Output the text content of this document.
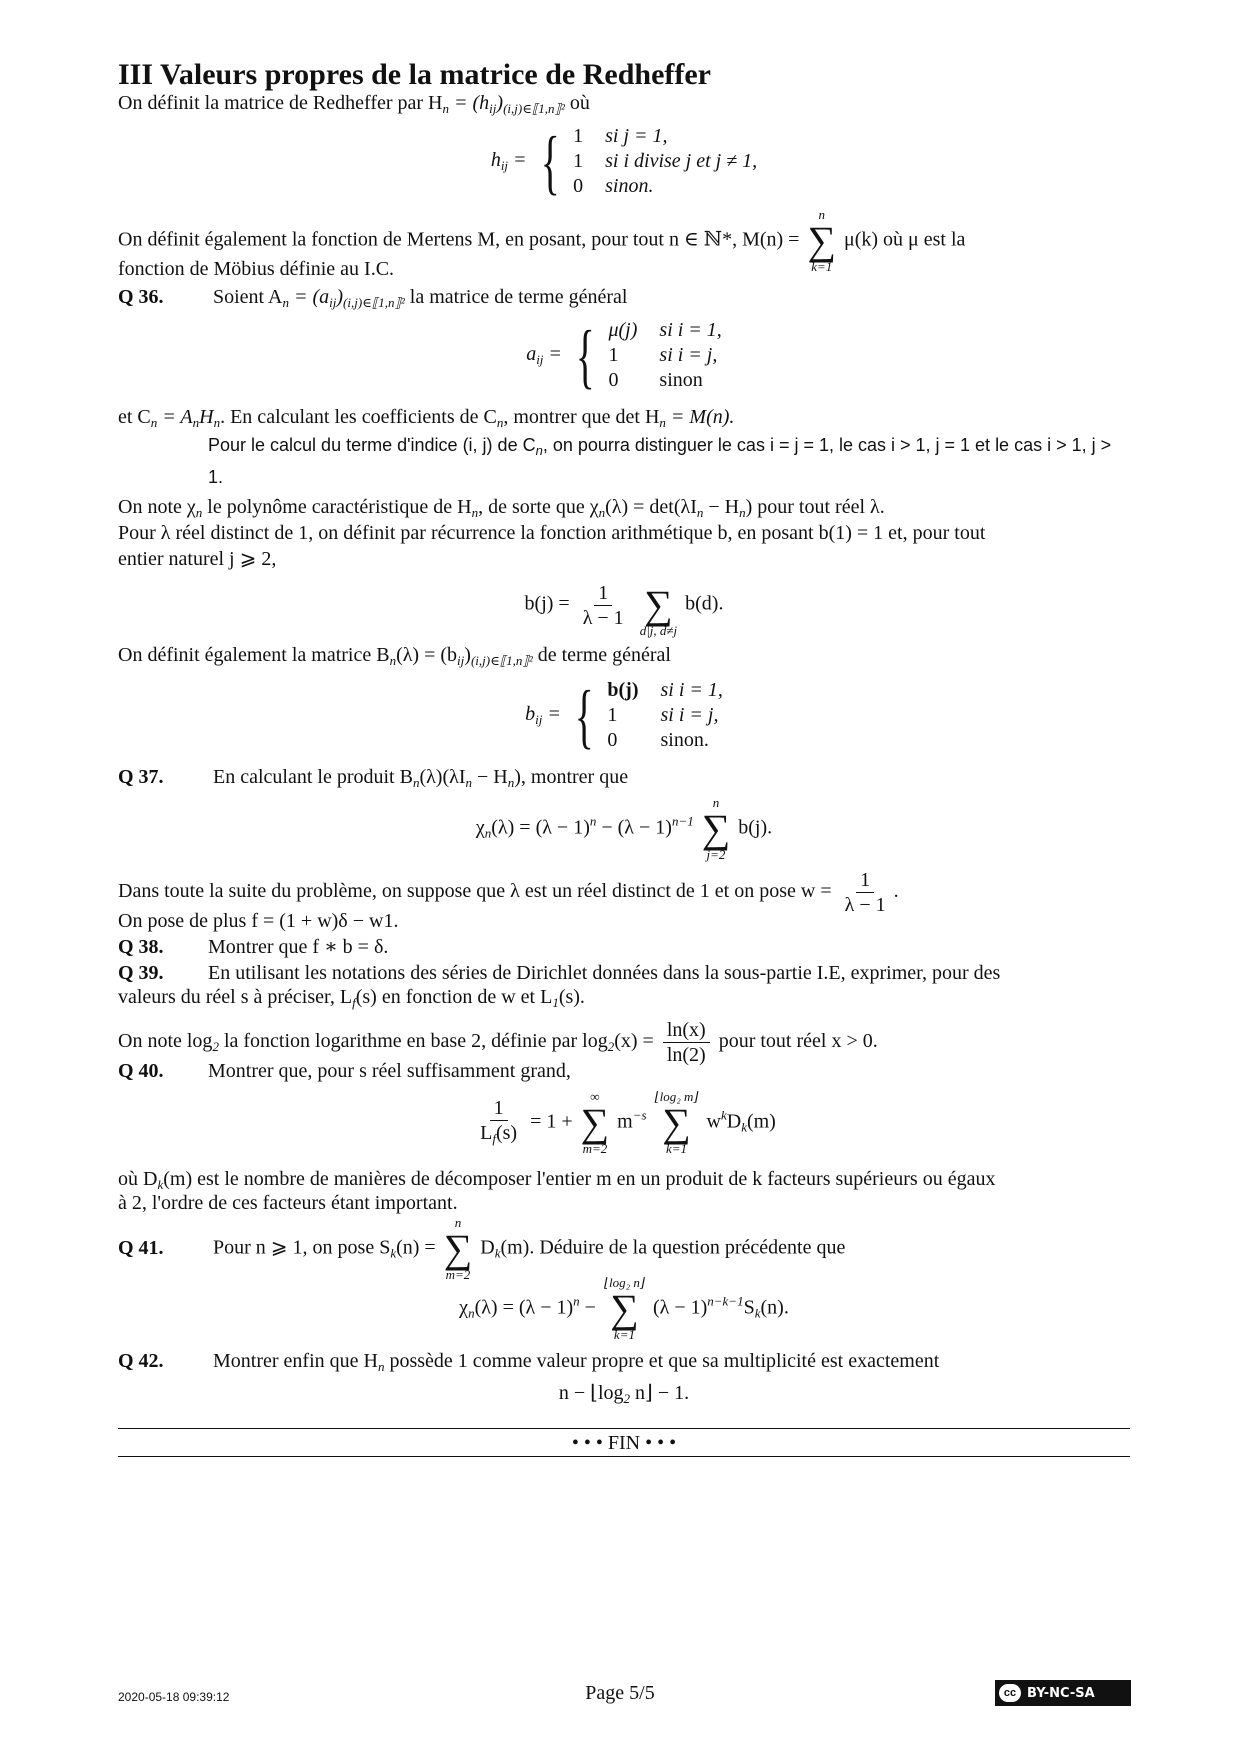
III Valeurs propres de la matrice de Redheffer
On définit la matrice de Redheffer par $H_n = (h_{ij})_{(i,j)\in⟦1,n⟧^2}$ où
$h_{ij}$ = { 1 si j = 1,
1 si i divise j et j ≠ 1,
0 sinon.
On définit également la fonction de Mertens M, en posant, pour tout n ∈ ℕ*, M(n) =
n
∑
k=1
μ(k) où μ est la
fonction de Möbius définie au I.C.
Q 36. Soient $A_n = (a_{ij})_{(i,j)\in⟦1,n⟧^2}$ la matrice de terme général
$a_{ij}$ = { μ(j) si i = 1,
1	si i = j,
0	sinon
et $C_n = A_nH_n$. En calculant les coefficients de $C_n$, montrer que $\det H_n = M(n)$.
Pour le calcul du terme d'indice (i, j) de $C_n$, on pourra distinguer le cas i = j = 1, le cas i > 1, j = 1 et le cas i > 1, j > 1.
On note $\chi_n$ le polynôme caractéristique de $H_n$, de sorte que $\chi_n(\lambda) = \det(\lambda I_n - H_n)$ pour tout réel λ.
Pour λ réel distinct de 1, on définit par récurrence la fonction arithmétique b, en posant b(1) = 1 et, pour tout
entier naturel j ⩾ 2,
$b(j) = \frac{1}{\lambda - 1}$

∑
d|j, d≠j
b(d).
On définit également la matrice $B_n(\lambda) = (b_{ij})_{(i,j)\in⟦1,n⟧^2}$ de terme général
$b_{ij}$ = { b(j) si i = 1,
1	si i = j,
0	sinon.
Q 37. En calculant le produit $B_n(\lambda)(\lambda I_n - H_n)$, montrer que
$\chi_n(\lambda) = (\lambda - 1)^n - (\lambda - 1)^{n-1}$
n
∑
j=2
b(j).
Dans toute la suite du problème, on suppose que λ est un réel distinct de 1 et on pose $w = \frac{1}{\lambda - 1}$ .
On pose de plus f = (1 + w)δ − w1.
Q 38. Montrer que f ∗ b = δ.
Q 39. En utilisant les notations des séries de Dirichlet données dans la sous-partie I.E, exprimer, pour des
valeurs du réel s à préciser, $L_f(s)$ en fonction de w et $L_1(s)$.
On note $\log_2$ la fonction logarithme en base 2, définie par $\log_2(x) = \frac{\ln(x)}{\ln(2)}$ pour tout réel x > 0.
Q 40. Montrer que, pour s réel suffisamment grand,
$\frac{1}{L_f(s)} = 1$ +
∞
∑
m=2
$m^{-s}$
⌊log₂ m⌋
∑
k=1
$w^kD_k(m)$
où $D_k(m)$ est le nombre de manières de décomposer l'entier m en un produit de k facteurs supérieurs ou égaux
à 2, l'ordre de ces facteurs étant important.
Q 41. Pour n ⩾ 1, on pose $S_k(n)$ =
n
∑
m=2
$D_k(m)$. Déduire de la question précédente que
$\chi_n(\lambda) = (\lambda - 1)^n$ −
⌊log₂ n⌋
∑
k=1
$(\lambda - 1)^{n-k-1}S_k(n)$.
Q 42. Montrer enfin que $H_n$ possède 1 comme valeur propre et que sa multiplicité est exactement
$n - ⌊\log_2$ n⌋ − 1.
• • • FIN • • •
2020-05-18 09:39:12	Page 5/5	cc BY-NC-SA
